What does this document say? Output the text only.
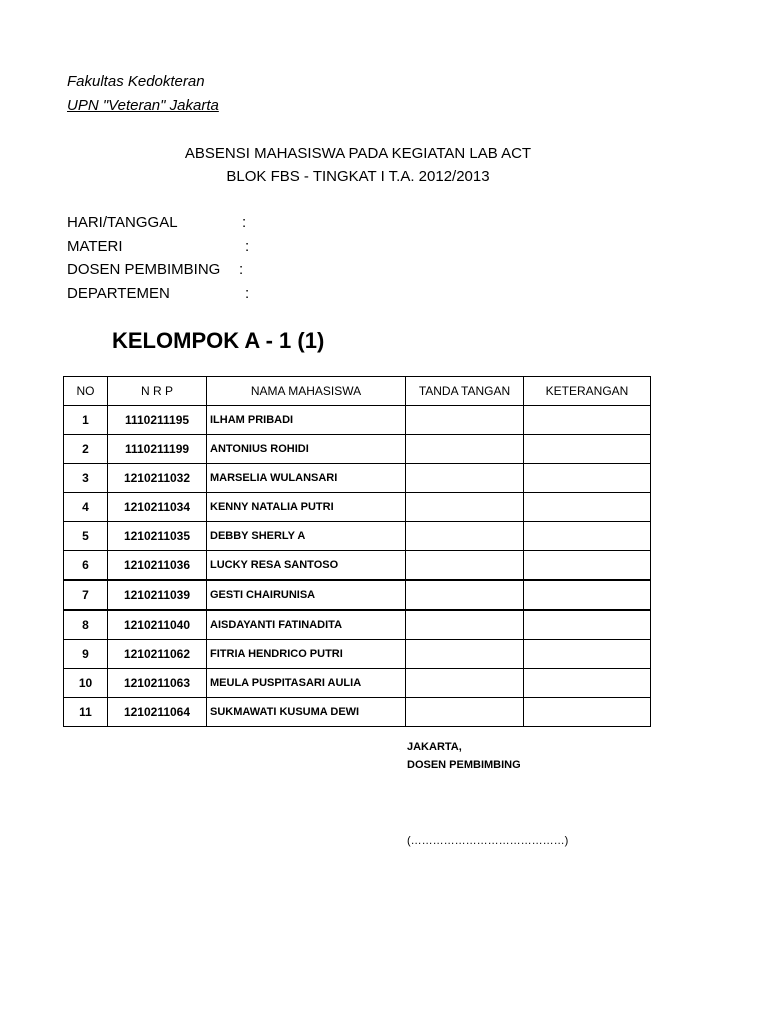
Fakultas Kedokteran
UPN "Veteran" Jakarta
ABSENSI MAHASISWA PADA KEGIATAN LAB ACT
BLOK FBS - TINGKAT I T.A. 2012/2013
HARI/TANGGAL	:
MATERI	:
DOSEN PEMBIMBING :
DEPARTEMEN	:
KELOMPOK A - 1 (1)
NO	N R P	NAMA MAHASISWA	TANDA TANGAN	KETERANGAN
1	1110211195	ILHAM PRIBADI		
2	1110211199	ANTONIUS ROHIDI		
3	1210211032	MARSELIA WULANSARI		
4	1210211034	KENNY NATALIA PUTRI		
5	1210211035	DEBBY SHERLY A		
6	1210211036	LUCKY RESA SANTOSO		
7	1210211039	GESTI CHAIRUNISA		
8	1210211040	AISDAYANTI FATINADITA		
9	1210211062	FITRIA HENDRICO PUTRI		
10	1210211063	MEULA PUSPITASARI AULIA		
11	1210211064	SUKMAWATI KUSUMA DEWI		
JAKARTA,
DOSEN PEMBIMBING
(……………………………………)
